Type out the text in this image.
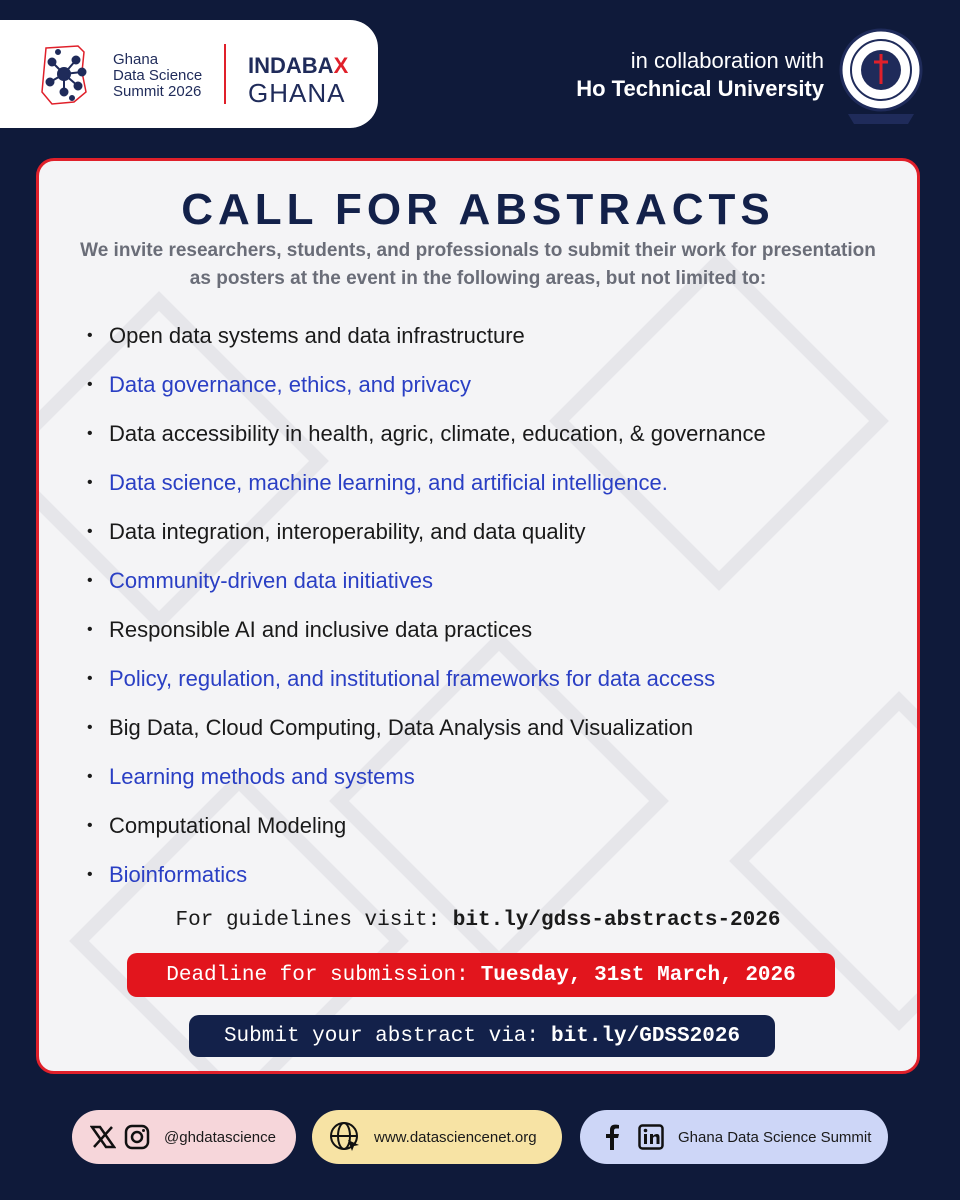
Ghana
Data Science
Summit 2026
INDABAX
GHANA
in collaboration with
Ho Technical University
CALL FOR ABSTRACTS
We invite researchers, students, and professionals to submit their work for presentation as posters at the event in the following areas, but not limited to:
• Open data systems and data infrastructure
• Data governance, ethics, and privacy
• Data accessibility in health, agric, climate, education, & governance
• Data science, machine learning, and artificial intelligence.
• Data integration, interoperability, and data quality
• Community-driven data initiatives
• Responsible AI and inclusive data practices
• Policy, regulation, and institutional frameworks for data access
• Big Data, Cloud Computing, Data Analysis and Visualization
• Learning methods and systems
• Computational Modeling
• Bioinformatics
For guidelines visit: bit.ly/gdss-abstracts-2026
Deadline for submission: Tuesday, 31st March, 2026
Submit your abstract via: bit.ly/GDSS2026
@ghdatascience	www.datasciencenet.org	Ghana Data Science Summit
